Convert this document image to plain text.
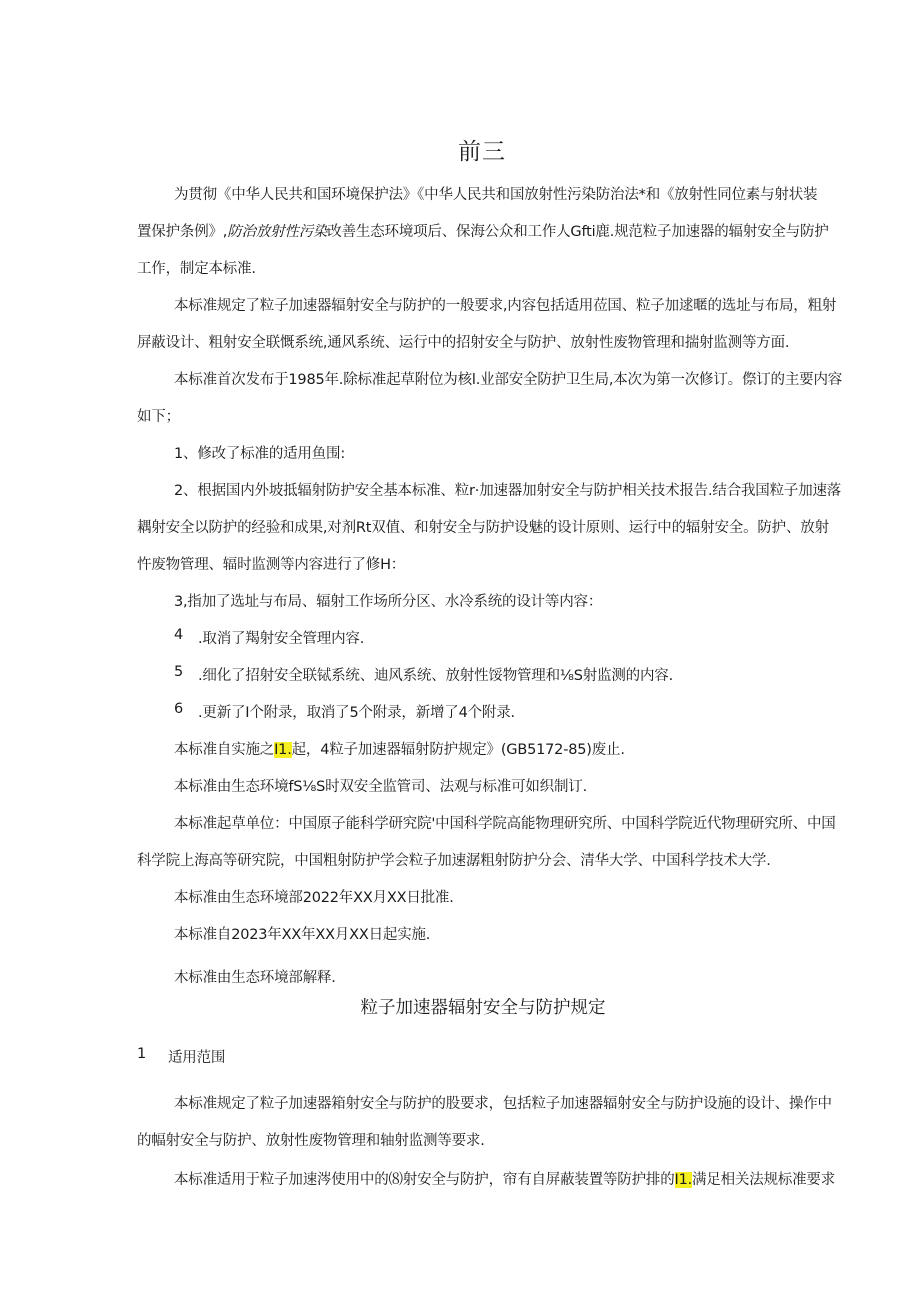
前三
为贯彻《中华人民共和国环境保护法》《中华人民共和国放射性污染防治法*和《放射性同位素与射状装
置保护条例》,防治放射性污染改善生态环境项后、保海公众和工作人Gfti鹿.规范粒子加速器的辐射安全与防护
工作，制定本标准.
本标准规定了粒子加速器辐射安全与防护的一般要求,内容包括适用莅国、粒子加逑暱的选址与布局，粗射
屏蔽设计、粗射安全联慨系统,通风系统、运行中的招射安全与防护、放射性废物管理和揣射监测等方面.
本标准首次发布于1985年.除标准起草附位为核l.业部安全防护卫生局,本次为第一次修订。傺订的主要内容
如下；
1、修改了标准的适用鱼围:
2、根据国内外坡抵辐射防护安全基本标准、粒r·加速器加射安全与防护相关技术报告.结合我国粒子加速落
耦射安全以防护的经验和成果,对剂Rt双值、和射安全与防护设魅的设计原则、运行中的辐射安全。防护、放射
忤废物管理、辐时监测等内容进行了修H：
3,指加了选址与布局、辐射工作场所分区、水冷系统的设计等内容：
4 .取消了羯射安全管理内容.
5 .细化了招射安全联铽系统、迪风系统、放射性馁物管理和⅛S射监测的内容.
6 .更新了I个附录，取消了5个附录，新增了4个附录.
本标准自实施之I1.起，4粒子加速器辐射防护规定》(GB5172-85)废止.
本标准由生态环境fS⅛S时双安全监管司、法观与标准可如织制订.
本标准起草单位：中国原子能科学研究院'中国科学院高能物理研究所、中国科学院近代物理研究所、中国
科学院上海高等研究院，中国粗射防护学会粒子加速潺粗射防护分会、清华大学、中国科学技术大学.
本标准由生态环境部2022年XX月XX日批准.
本标准自2023年XX年XX月XX日起实施.
木标准由生态环境部解释.
粒子加速器辐射安全与防护规定
1 适用范围
本标准规定了粒子加速器箱射安全与防护的股要求，包括粒子加速器辐射安全与防护设施的设计、操作中
的幅射安全与防护、放射性废物管理和轴射监测等要求.
本标准适用于粒子加速涔使用中的⑻射安全与防护，帘有自屏蔽装置等防护排的I1.满足相关法规标准要求
